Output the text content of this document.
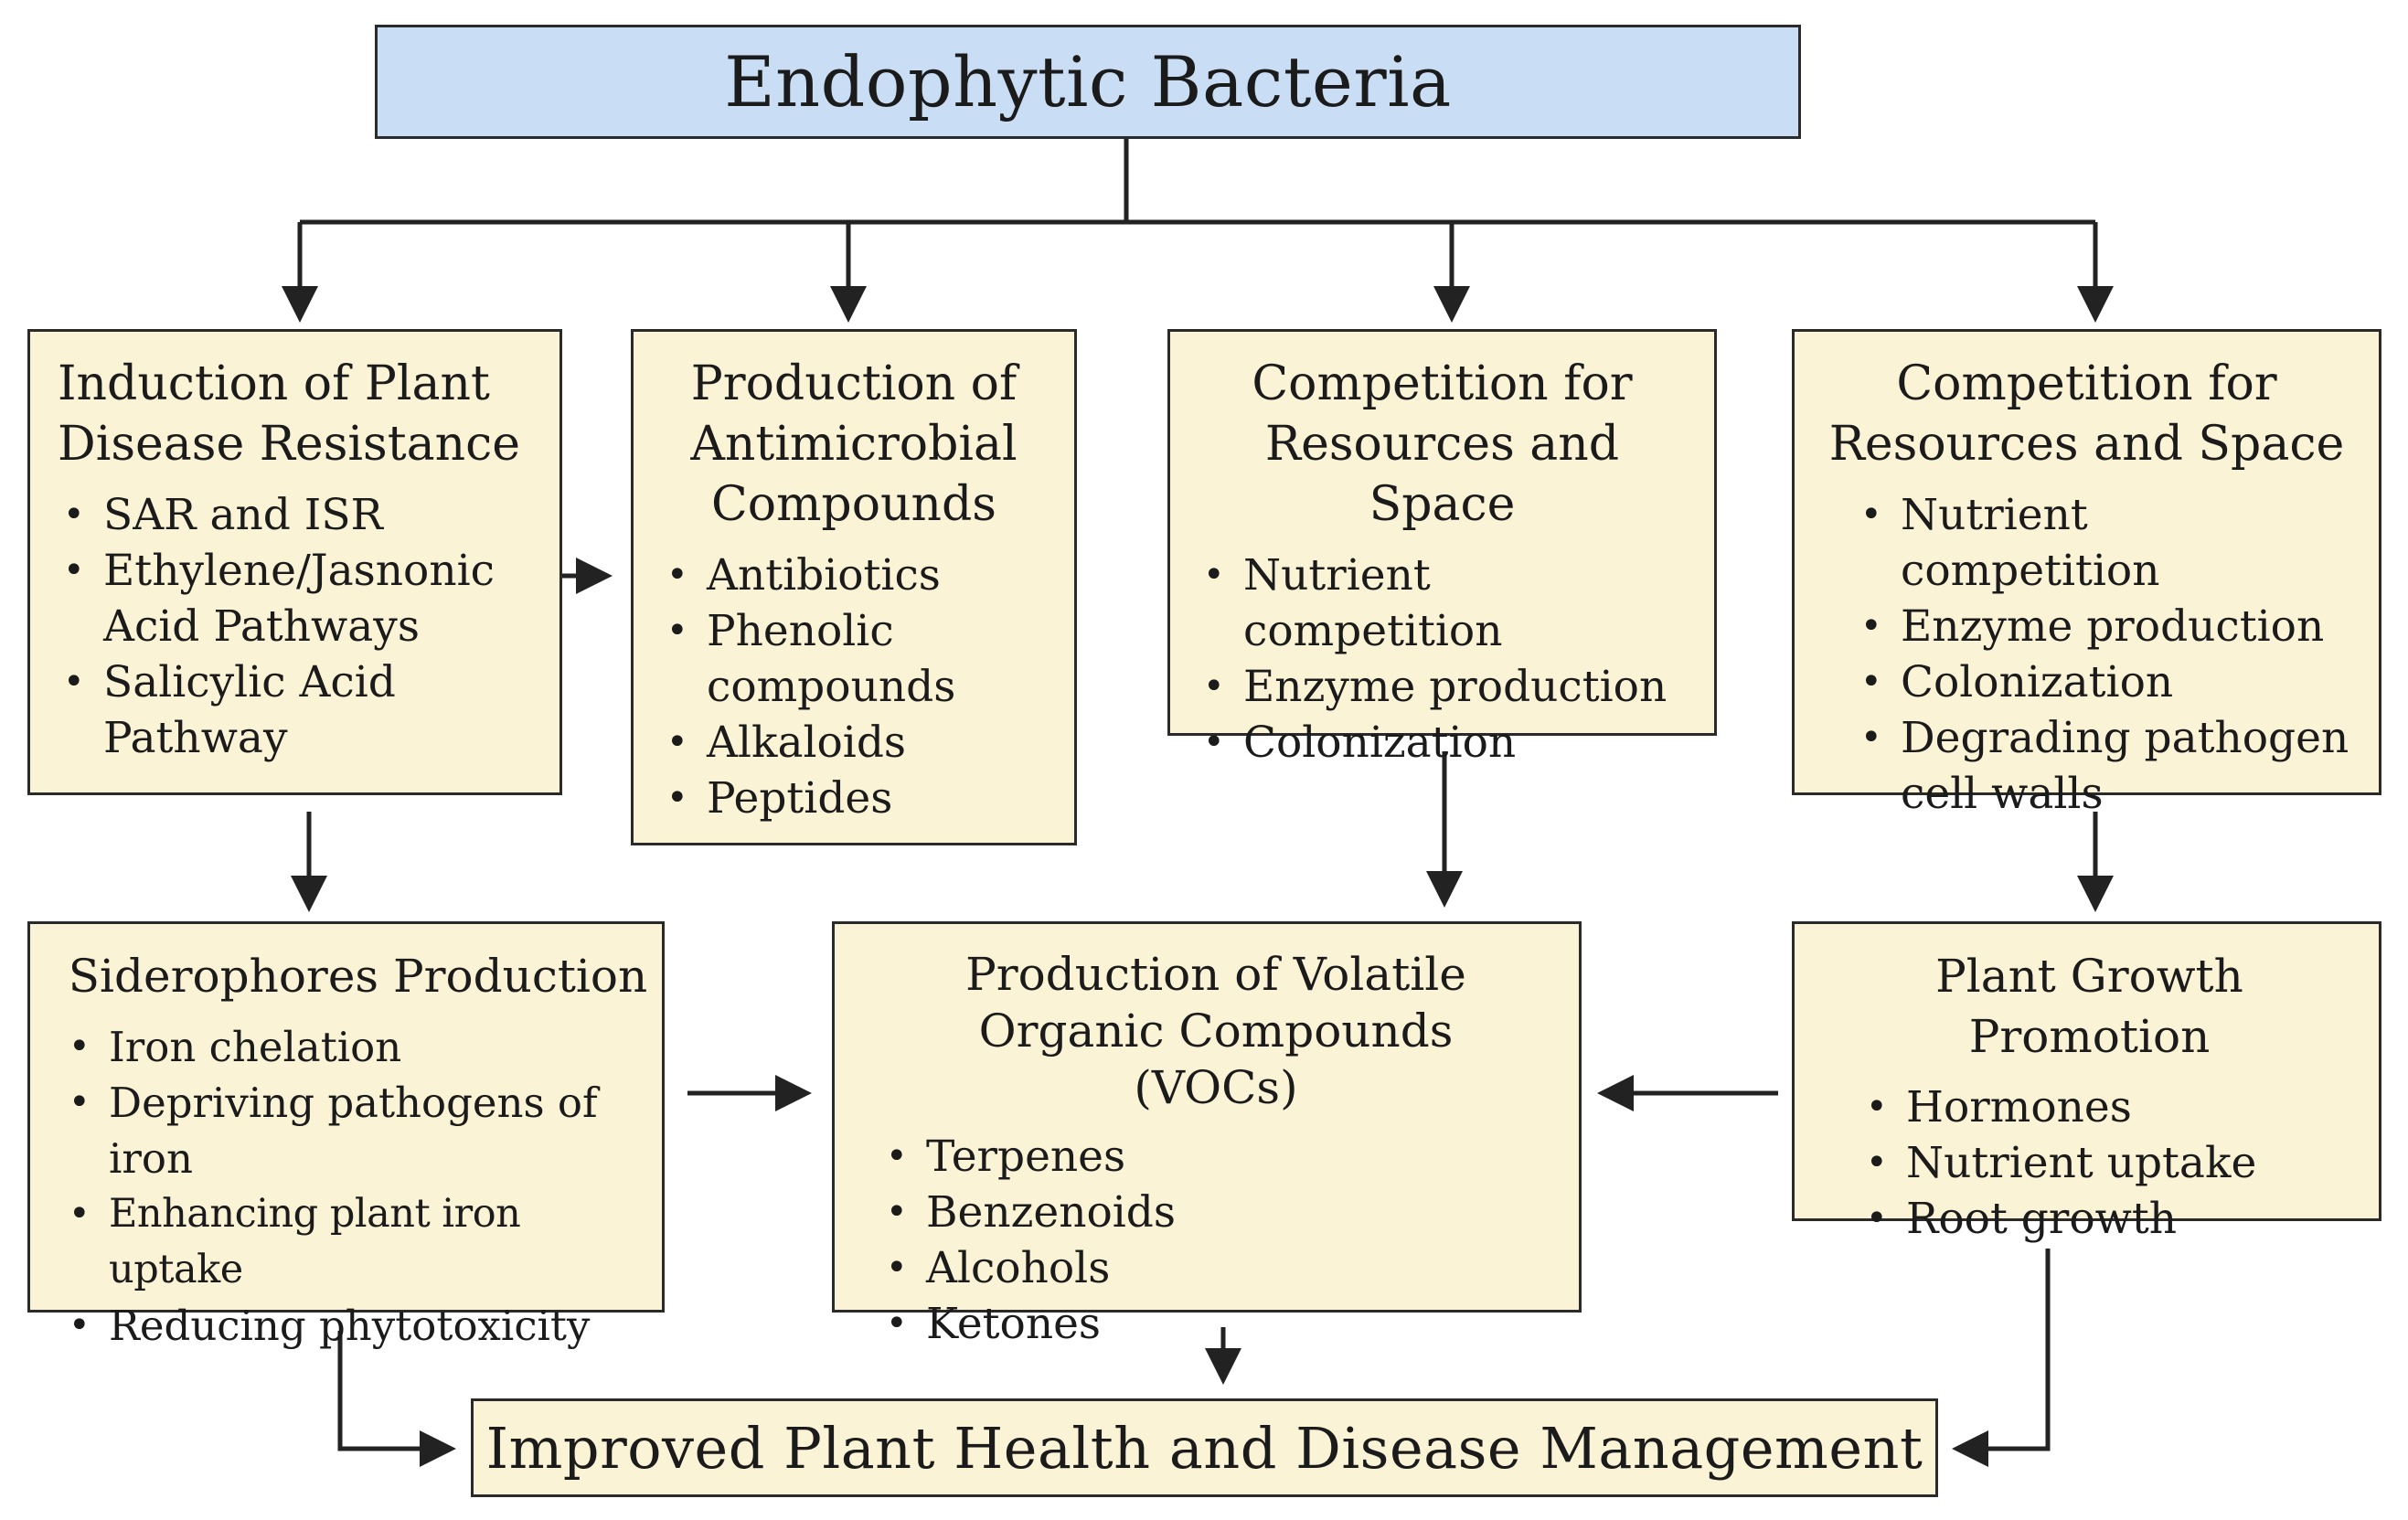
Endophytic Bacteria
Induction of Plant Disease Resistance
• SAR and ISR
• Ethylene/Jasnonic Acid Pathways
• Salicylic Acid Pathway
Production of Antimicrobial Compounds
• Antibiotics
• Phenolic compounds
• Alkaloids
• Peptides
Competition for Resources and Space
• Nutrient competition
• Enzyme production
• Colonization
Competition for Resources and Space
• Nutrient competition
• Enzyme production
• Colonization
• Degrading pathogen cell walls
Siderophores Production
• Iron chelation
• Depriving pathogens of iron
• Enhancing plant iron uptake
• Reducing phytotoxicity
Production of Volatile Organic Compounds (VOCs)
• Terpenes
• Benzenoids
• Alcohols
• Ketones
Plant Growth Promotion
• Hormones
• Nutrient uptake
• Root growth
Improved Plant Health and Disease Management
